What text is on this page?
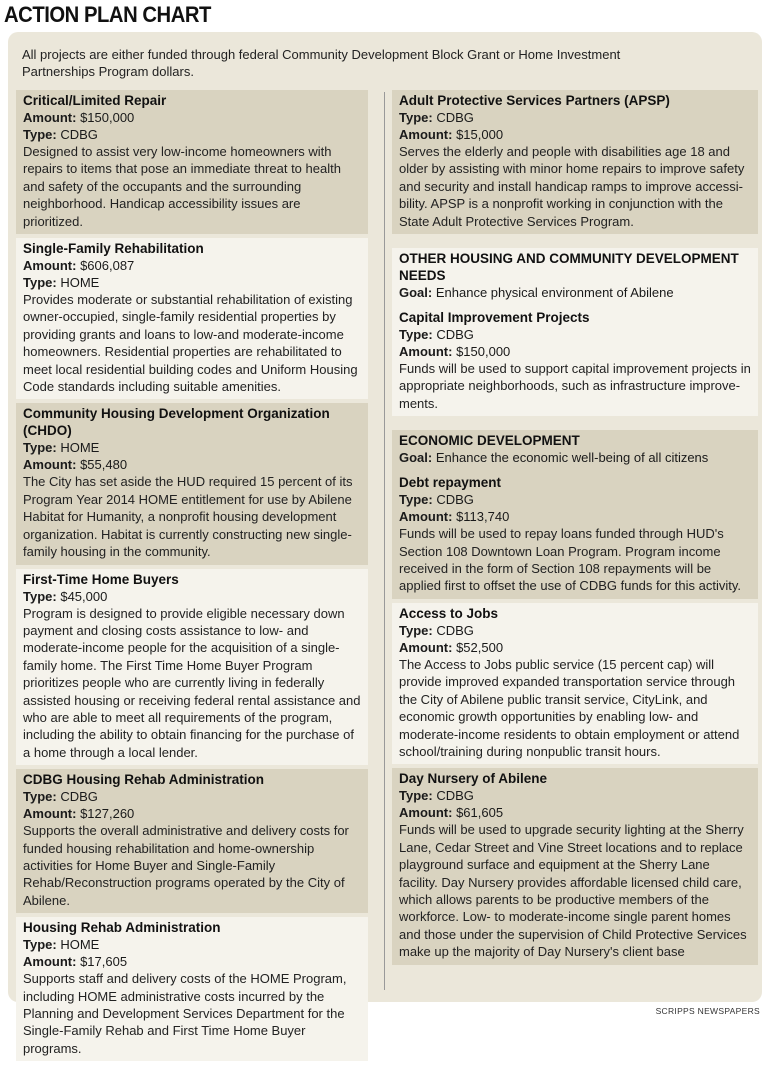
ACTION PLAN CHART
All projects are either funded through federal Community Development Block Grant or Home Investment Partnerships Program dollars.
Critical/Limited Repair

Amount: $150,000

Type: CDBG

Designed to assist very low-income homeowners with repairs to items that pose an immediate threat to health and safety of the occupants and the surrounding neighborhood. Handicap accessibility issues are prioritized.

Single-Family Rehabilitation

Amount: $606,087

Type: HOME

Provides moderate or substantial rehabilitation of existing owner-occupied, single-family residential properties by providing grants and loans to low-and moderate-income homeowners. Residential properties are rehabilitated to meet local residential building codes and Uniform Housing Code standards including suitable amenities.

Community Housing Development Organization (CHDO)

Type: HOME

Amount: $55,480

The City has set aside the HUD required 15 percent of its Program Year 2014 HOME entitlement for use by Abilene Habitat for Humanity, a nonprofit housing development organization. Habitat is currently constructing new single-family housing in the community.

First-Time Home Buyers

Type: $45,000

Program is designed to provide eligible necessary down payment and closing costs assistance to low- and moderate-income people for the acquisition of a single-family home. The First Time Home Buyer Program prioritizes people who are currently living in federally assisted housing or receiving federal rental assistance and who are able to meet all requirements of the program, including the ability to obtain financing for the purchase of a home through a local lender.

CDBG Housing Rehab Administration

Type: CDBG

Amount: $127,260

Supports the overall administrative and delivery costs for funded housing rehabilitation and home-ownership activities for Home Buyer and Single-Family Rehab/Reconstruction programs operated by the City of Abilene.

Housing Rehab Administration

Type: HOME

Amount: $17,605

Supports staff and delivery costs of the HOME Program, including HOME administrative costs incurred by the Planning and Development Services Department for the Single-Family Rehab and First Time Home Buyer programs.

Adult Protective Services Partners (APSP)

Type: CDBG

Amount: $15,000

Serves the elderly and people with disabilities age 18 and older by assisting with minor home repairs to improve safety and security and install handicap ramps to improve accessi-bility. APSP is a nonprofit working in conjunction with the State Adult Protective Services Program.

OTHER HOUSING AND COMMUNITY DEVELOPMENT NEEDS

Goal: Enhance physical environment of Abilene

Capital Improvement Projects

Type: CDBG

Amount: $150,000

Funds will be used to support capital improvement projects in appropriate neighborhoods, such as infrastructure improve-ments.

ECONOMIC DEVELOPMENT

Goal: Enhance the economic well-being of all citizens

Debt repayment

Type: CDBG

Amount: $113,740

Funds will be used to repay loans funded through HUD's Section 108 Downtown Loan Program. Program income received in the form of Section 108 repayments will be applied first to offset the use of CDBG funds for this activity.

Access to Jobs

Type: CDBG

Amount: $52,500

The Access to Jobs public service (15 percent cap) will provide improved expanded transportation service through the City of Abilene public transit service, CityLink, and economic growth opportunities by enabling low- and moderate-income residents to obtain employment or attend school/training during nonpublic transit hours.

Day Nursery of Abilene

Type: CDBG

Amount: $61,605

Funds will be used to upgrade security lighting at the Sherry Lane, Cedar Street and Vine Street locations and to replace playground surface and equipment at the Sherry Lane facility. Day Nursery provides affordable licensed child care, which allows parents to be productive members of the workforce. Low- to moderate-income single parent homes and those under the supervision of Child Protective Services make up the majority of Day Nursery's client base

SCRIPPS NEWSPAPERS
